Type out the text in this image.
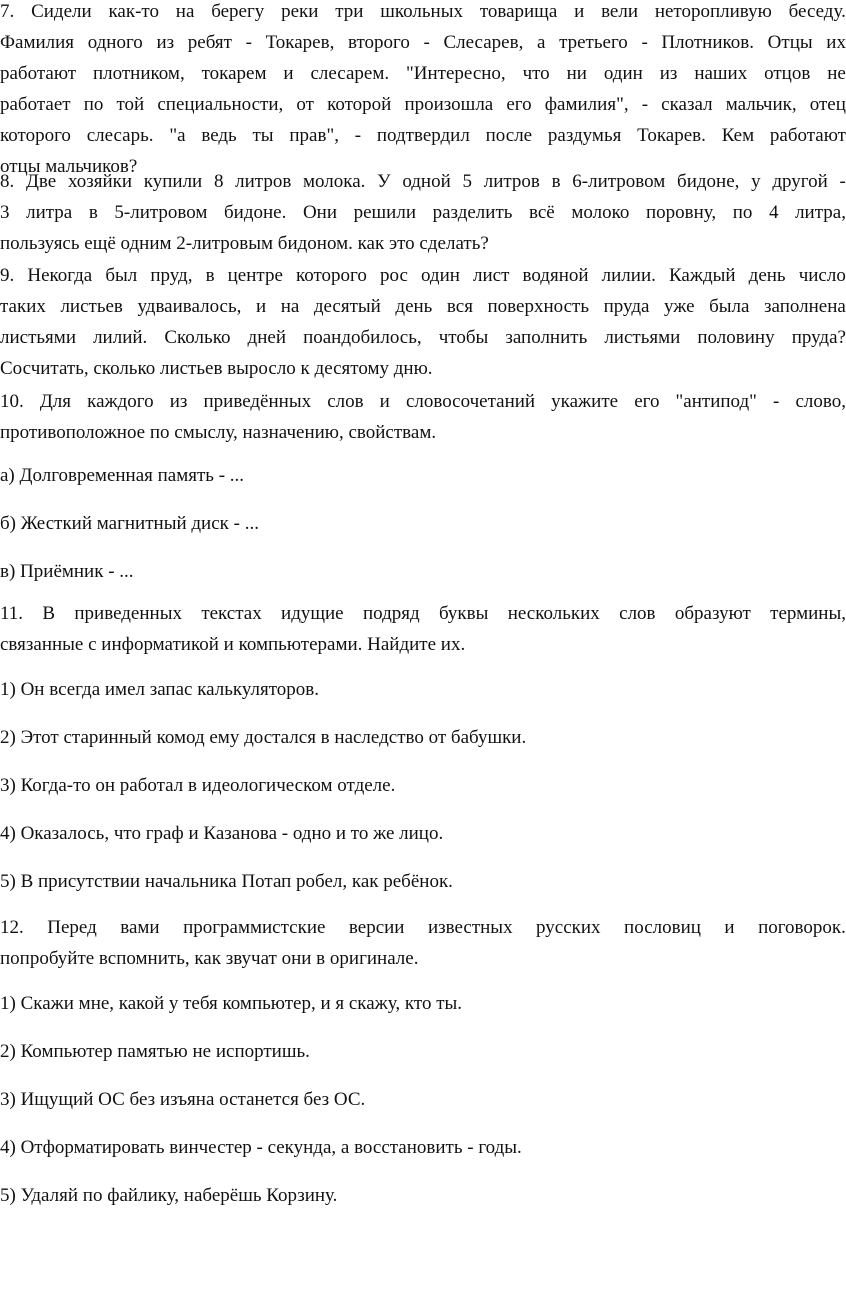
7. Сидели как-то на берегу реки три школьных товарища и вели неторопливую беседу.
Фамилия одного из ребят - Токарев, второго - Слесарев, а третьего - Плотников. Отцы их
работают плотником, токарем и слесарем. "Интересно, что ни один из наших отцов не
работает по той специальности, от которой произошла его фамилия", - сказал мальчик, отец
которого слесарь. "а ведь ты прав", - подтвердил после раздумья Токарев. Кем работают
отцы мальчиков?
8. Две хозяйки купили 8 литров молока. У одной 5 литров в 6-литровом бидоне, у другой -
3 литра в 5-литровом бидоне. Они решили разделить всё молоко поровну, по 4 литра,
пользуясь ещё одним 2-литровым бидоном. как это сделать?
9. Некогда был пруд, в центре которого рос один лист водяной лилии. Каждый день число
таких листьев удваивалось, и на десятый день вся поверхность пруда уже была заполнена
листьями лилий. Сколько дней поандобилось, чтобы заполнить листьями половину пруда?
Сосчитать, сколько листьев выросло к десятому дню.
10. Для каждого из приведённых слов и словосочетаний укажите его "антипод" - слово,
противоположное по смыслу, назначению, свойствам.
а) Долговременная память - ...
б) Жесткий магнитный диск - ...
в) Приёмник - ...
11. В приведенных текстах идущие подряд буквы нескольких слов образуют термины,
связанные с информатикой и компьютерами. Найдите их.
1) Он всегда имел запас калькуляторов.
2) Этот старинный комод ему достался в наследство от бабушки.
3) Когда-то он работал в идеологическом отделе.
4) Оказалось, что граф и Казанова - одно и то же лицо.
5) В присутствии начальника Потап робел, как ребёнок.
12. Перед вами программистские версии известных русских пословиц и поговорок.
попробуйте вспомнить, как звучат они в оригинале.
1) Скажи мне, какой у тебя компьютер, и я скажу, кто ты.
2) Компьютер памятью не испортишь.
3) Ищущий ОС без изъяна останется без ОС.
4) Отформатировать винчестер - секунда, а восстановить - годы.
5) Удаляй по файлику, наберёшь Корзину.
